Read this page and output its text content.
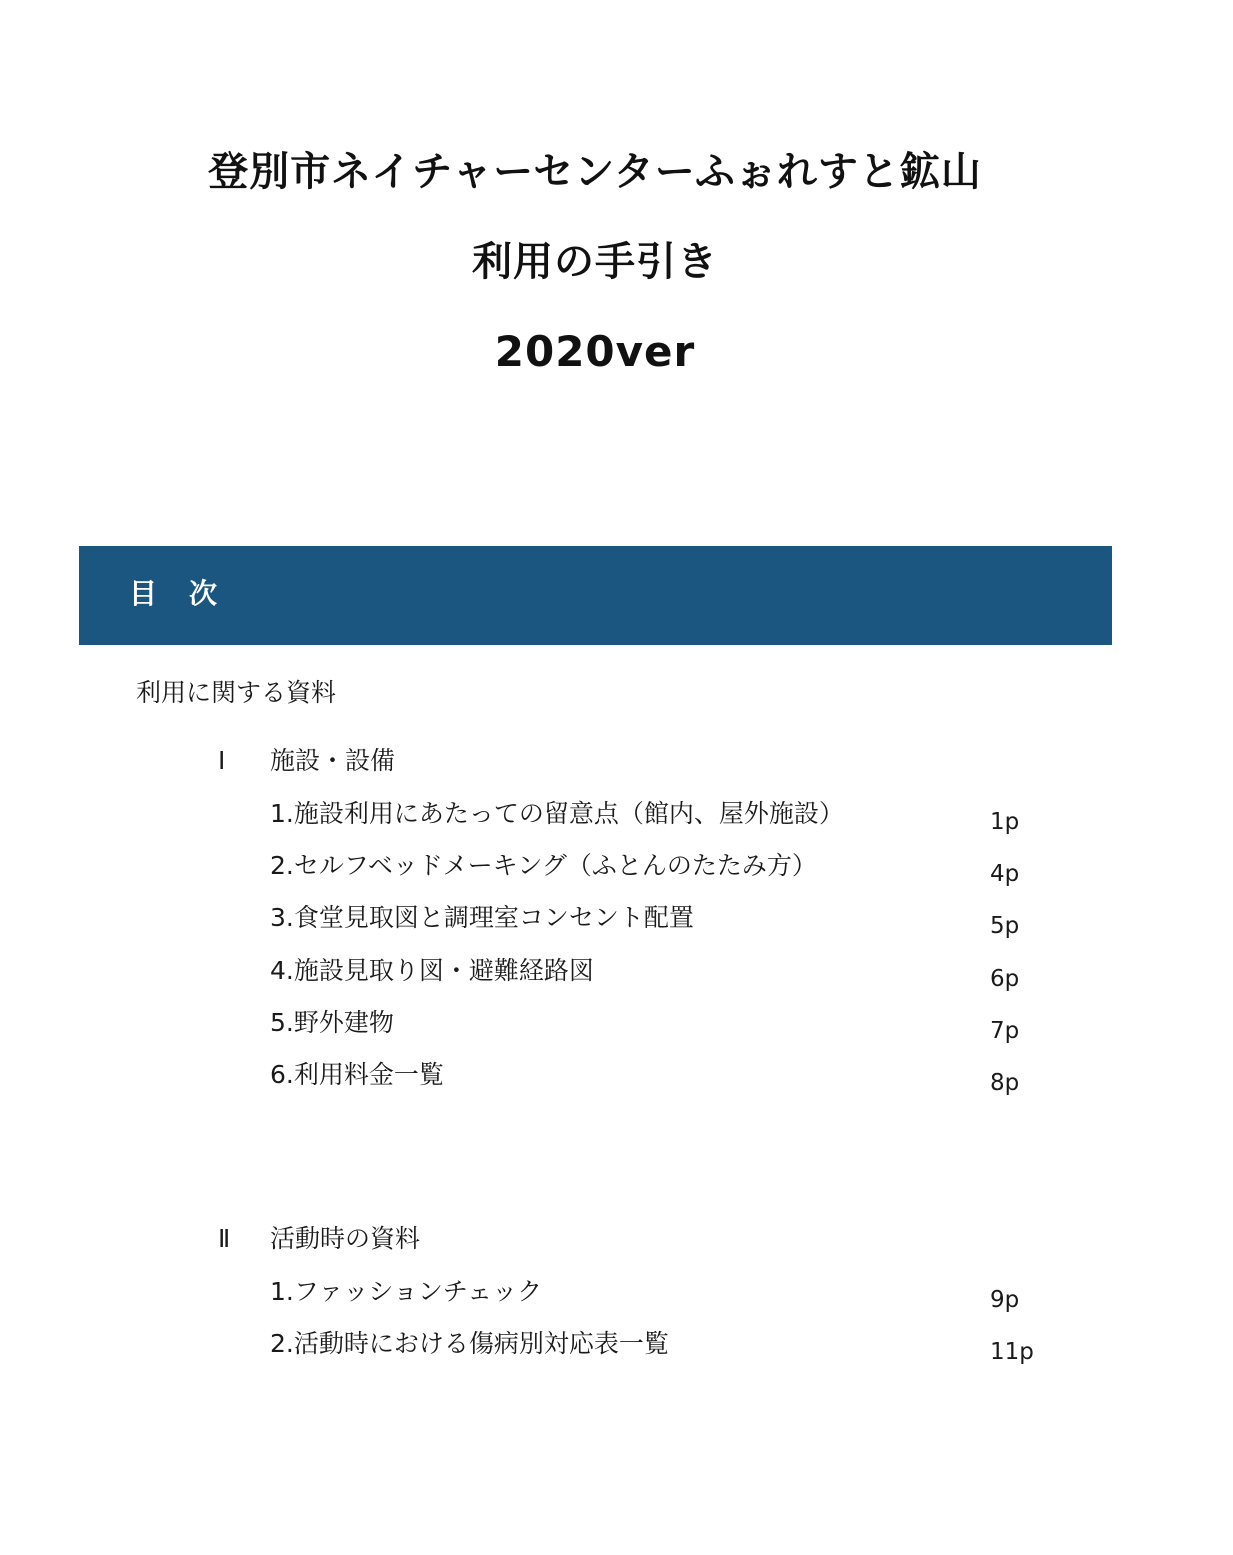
登別市ネイチャーセンターふぉれすと鉱山
利用の手引き
2020ver
目　次
利用に関する資料
Ⅰ	施設・設備
1.施設利用にあたっての留意点（館内、屋外施設）	1p
2.セルフベッドメーキング（ふとんのたたみ方）	4p
3.食堂見取図と調理室コンセント配置	5p
4.施設見取り図・避難経路図	6p
5.野外建物	7p
6.利用料金一覧	8p
Ⅱ	活動時の資料
1.ファッションチェック	9p
2.活動時における傷病別対応表一覧	11p
